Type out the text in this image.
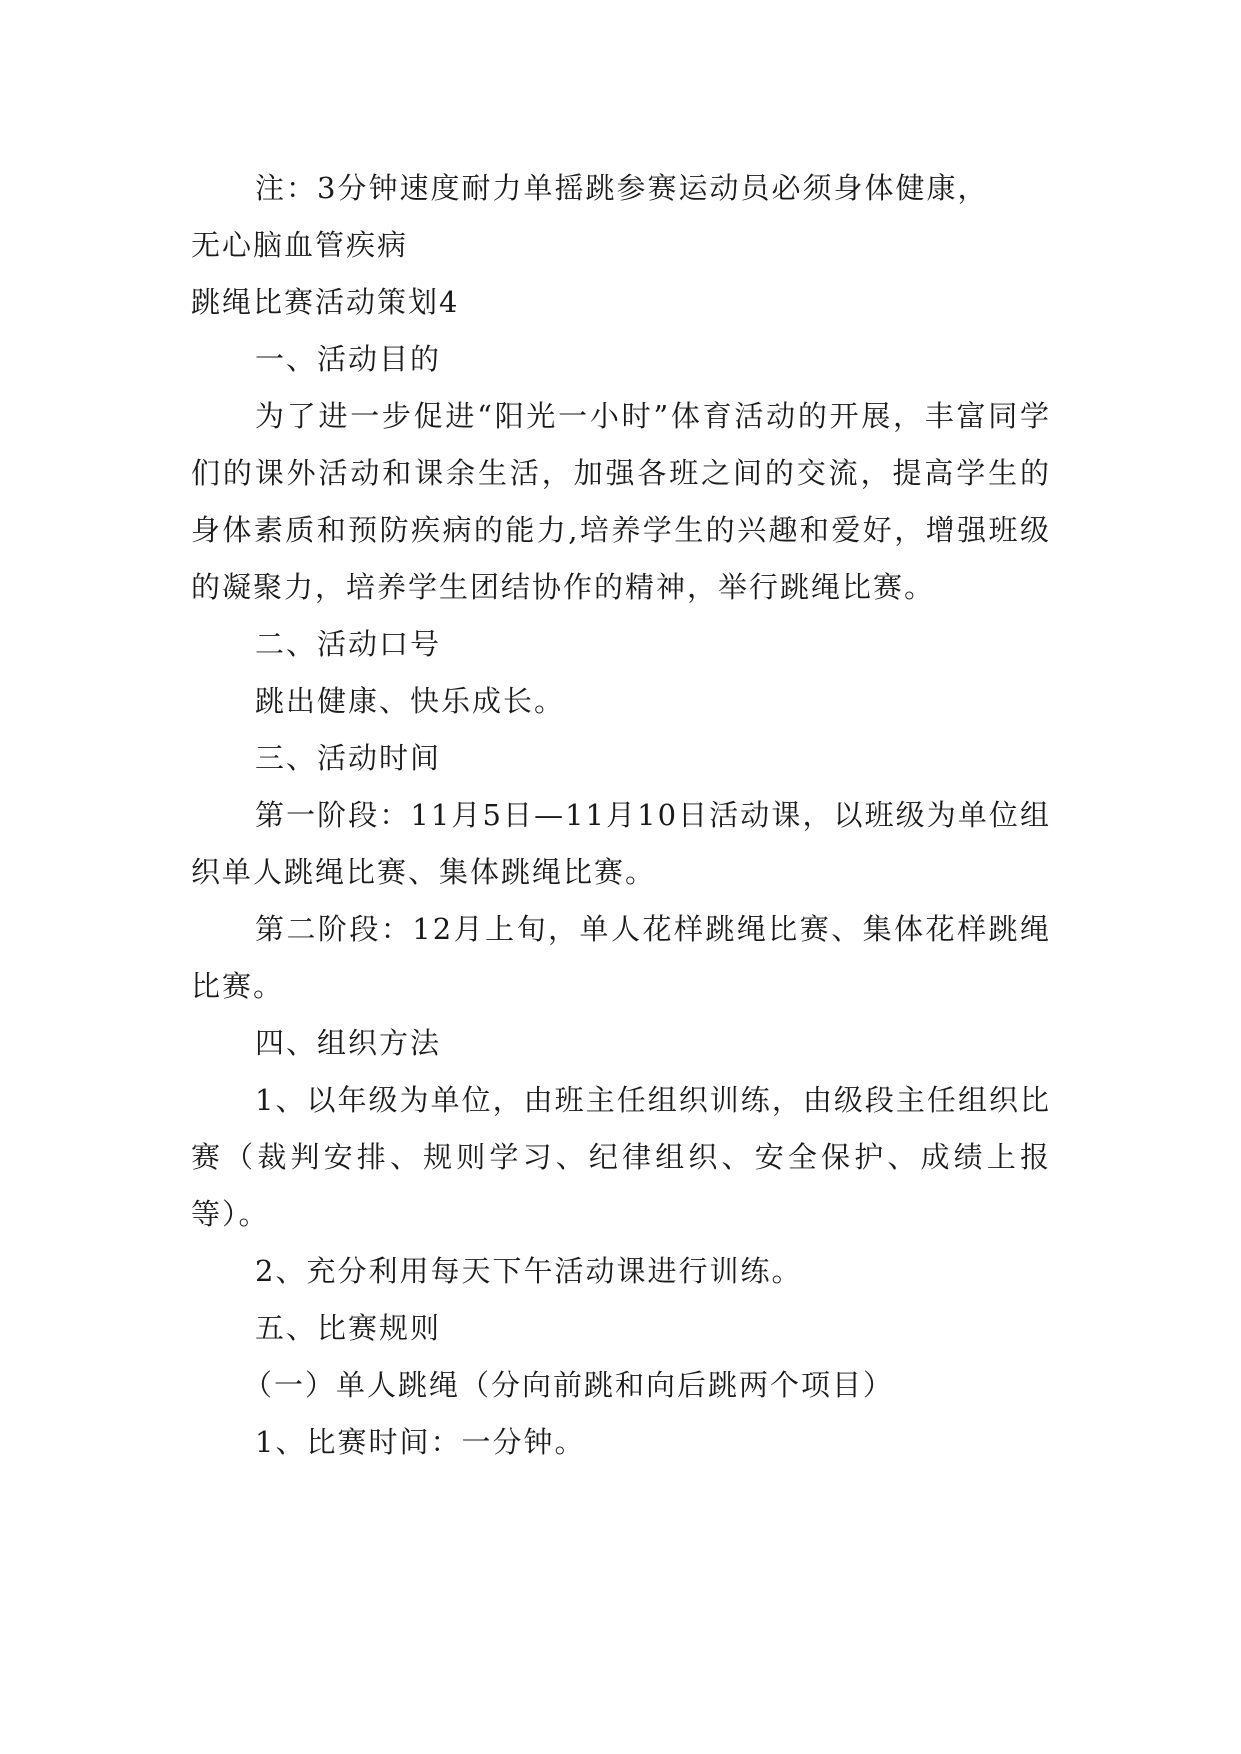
注：3分钟速度耐力单摇跳参赛运动员必须身体健康，

无心脑血管疾病

跳绳比赛活动策划4

一、活动目的

为了进一步促进“阳光一小时”体育活动的开展，丰富同学们的课外活动和课余生活，加强各班之间的交流，提高学生的身体素质和预防疾病的能力,培养学生的兴趣和爱好，增强班级的凝聚力，培养学生团结协作的精神，举行跳绳比赛。

二、活动口号

跳出健康、快乐成长。

三、活动时间

第一阶段：11月5日—11月10日活动课，以班级为单位组织单人跳绳比赛、集体跳绳比赛。

第二阶段：12月上旬，单人花样跳绳比赛、集体花样跳绳比赛。

四、组织方法

1、以年级为单位，由班主任组织训练，由级段主任组织比赛（裁判安排、规则学习、纪律组织、安全保护、成绩上报等）。

2、充分利用每天下午活动课进行训练。

五、比赛规则

（一）单人跳绳（分向前跳和向后跳两个项目）

1、比赛时间：一分钟。
